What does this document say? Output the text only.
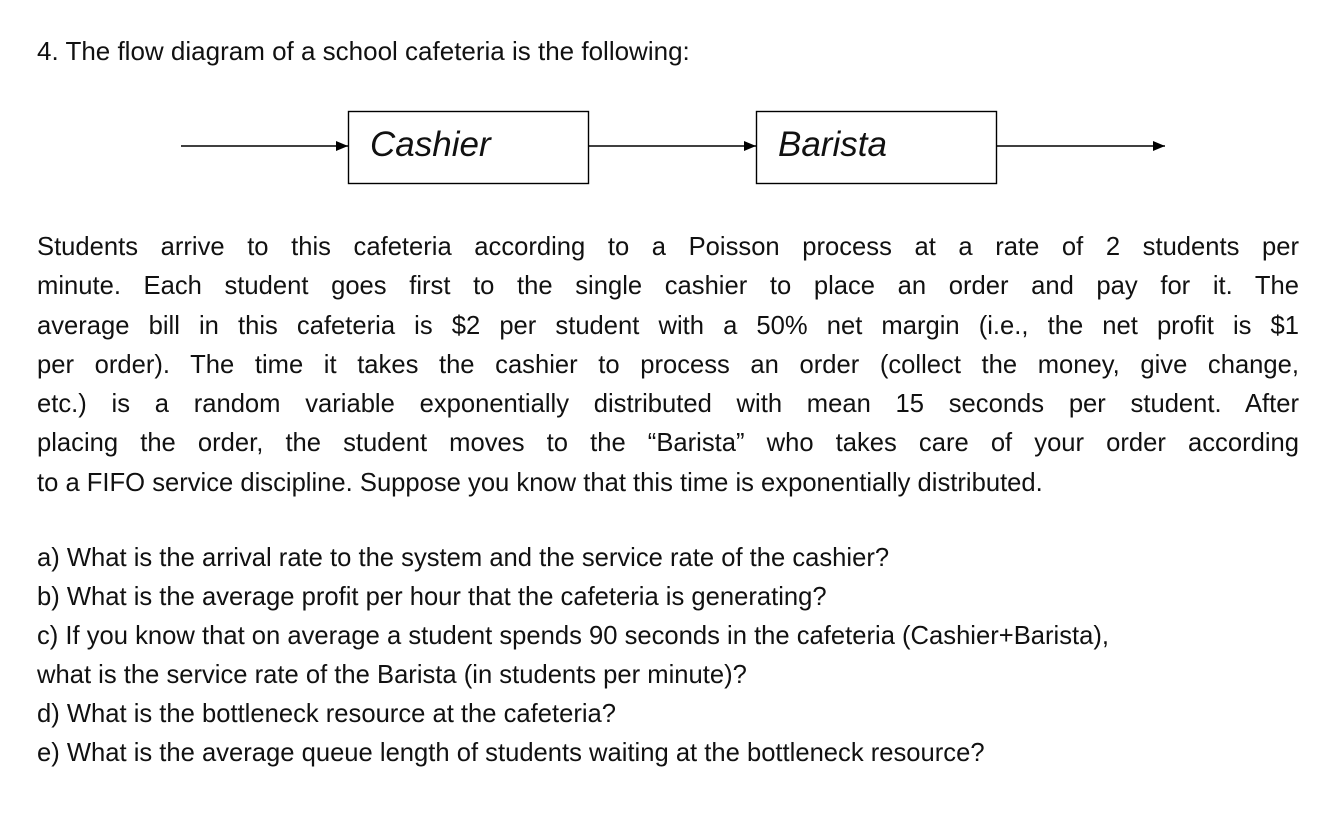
4. The flow diagram of a school cafeteria is the following:
Cashier	Barista
Students arrive to this cafeteria according to a Poisson process at a rate of 2 students per
minute. Each student goes first to the single cashier to place an order and pay for it. The
average bill in this cafeteria is $2 per student with a 50% net margin (i.e., the net profit is $1
per order). The time it takes the cashier to process an order (collect the money, give change,
etc.) is a random variable exponentially distributed with mean 15 seconds per student. After
placing the order, the student moves to the “Barista” who takes care of your order according
to a FIFO service discipline. Suppose you know that this time is exponentially distributed.
a) What is the arrival rate to the system and the service rate of the cashier?
b) What is the average profit per hour that the cafeteria is generating?
c) If you know that on average a student spends 90 seconds in the cafeteria (Cashier+Barista),
what is the service rate of the Barista (in students per minute)?
d) What is the bottleneck resource at the cafeteria?
e) What is the average queue length of students waiting at the bottleneck resource?
